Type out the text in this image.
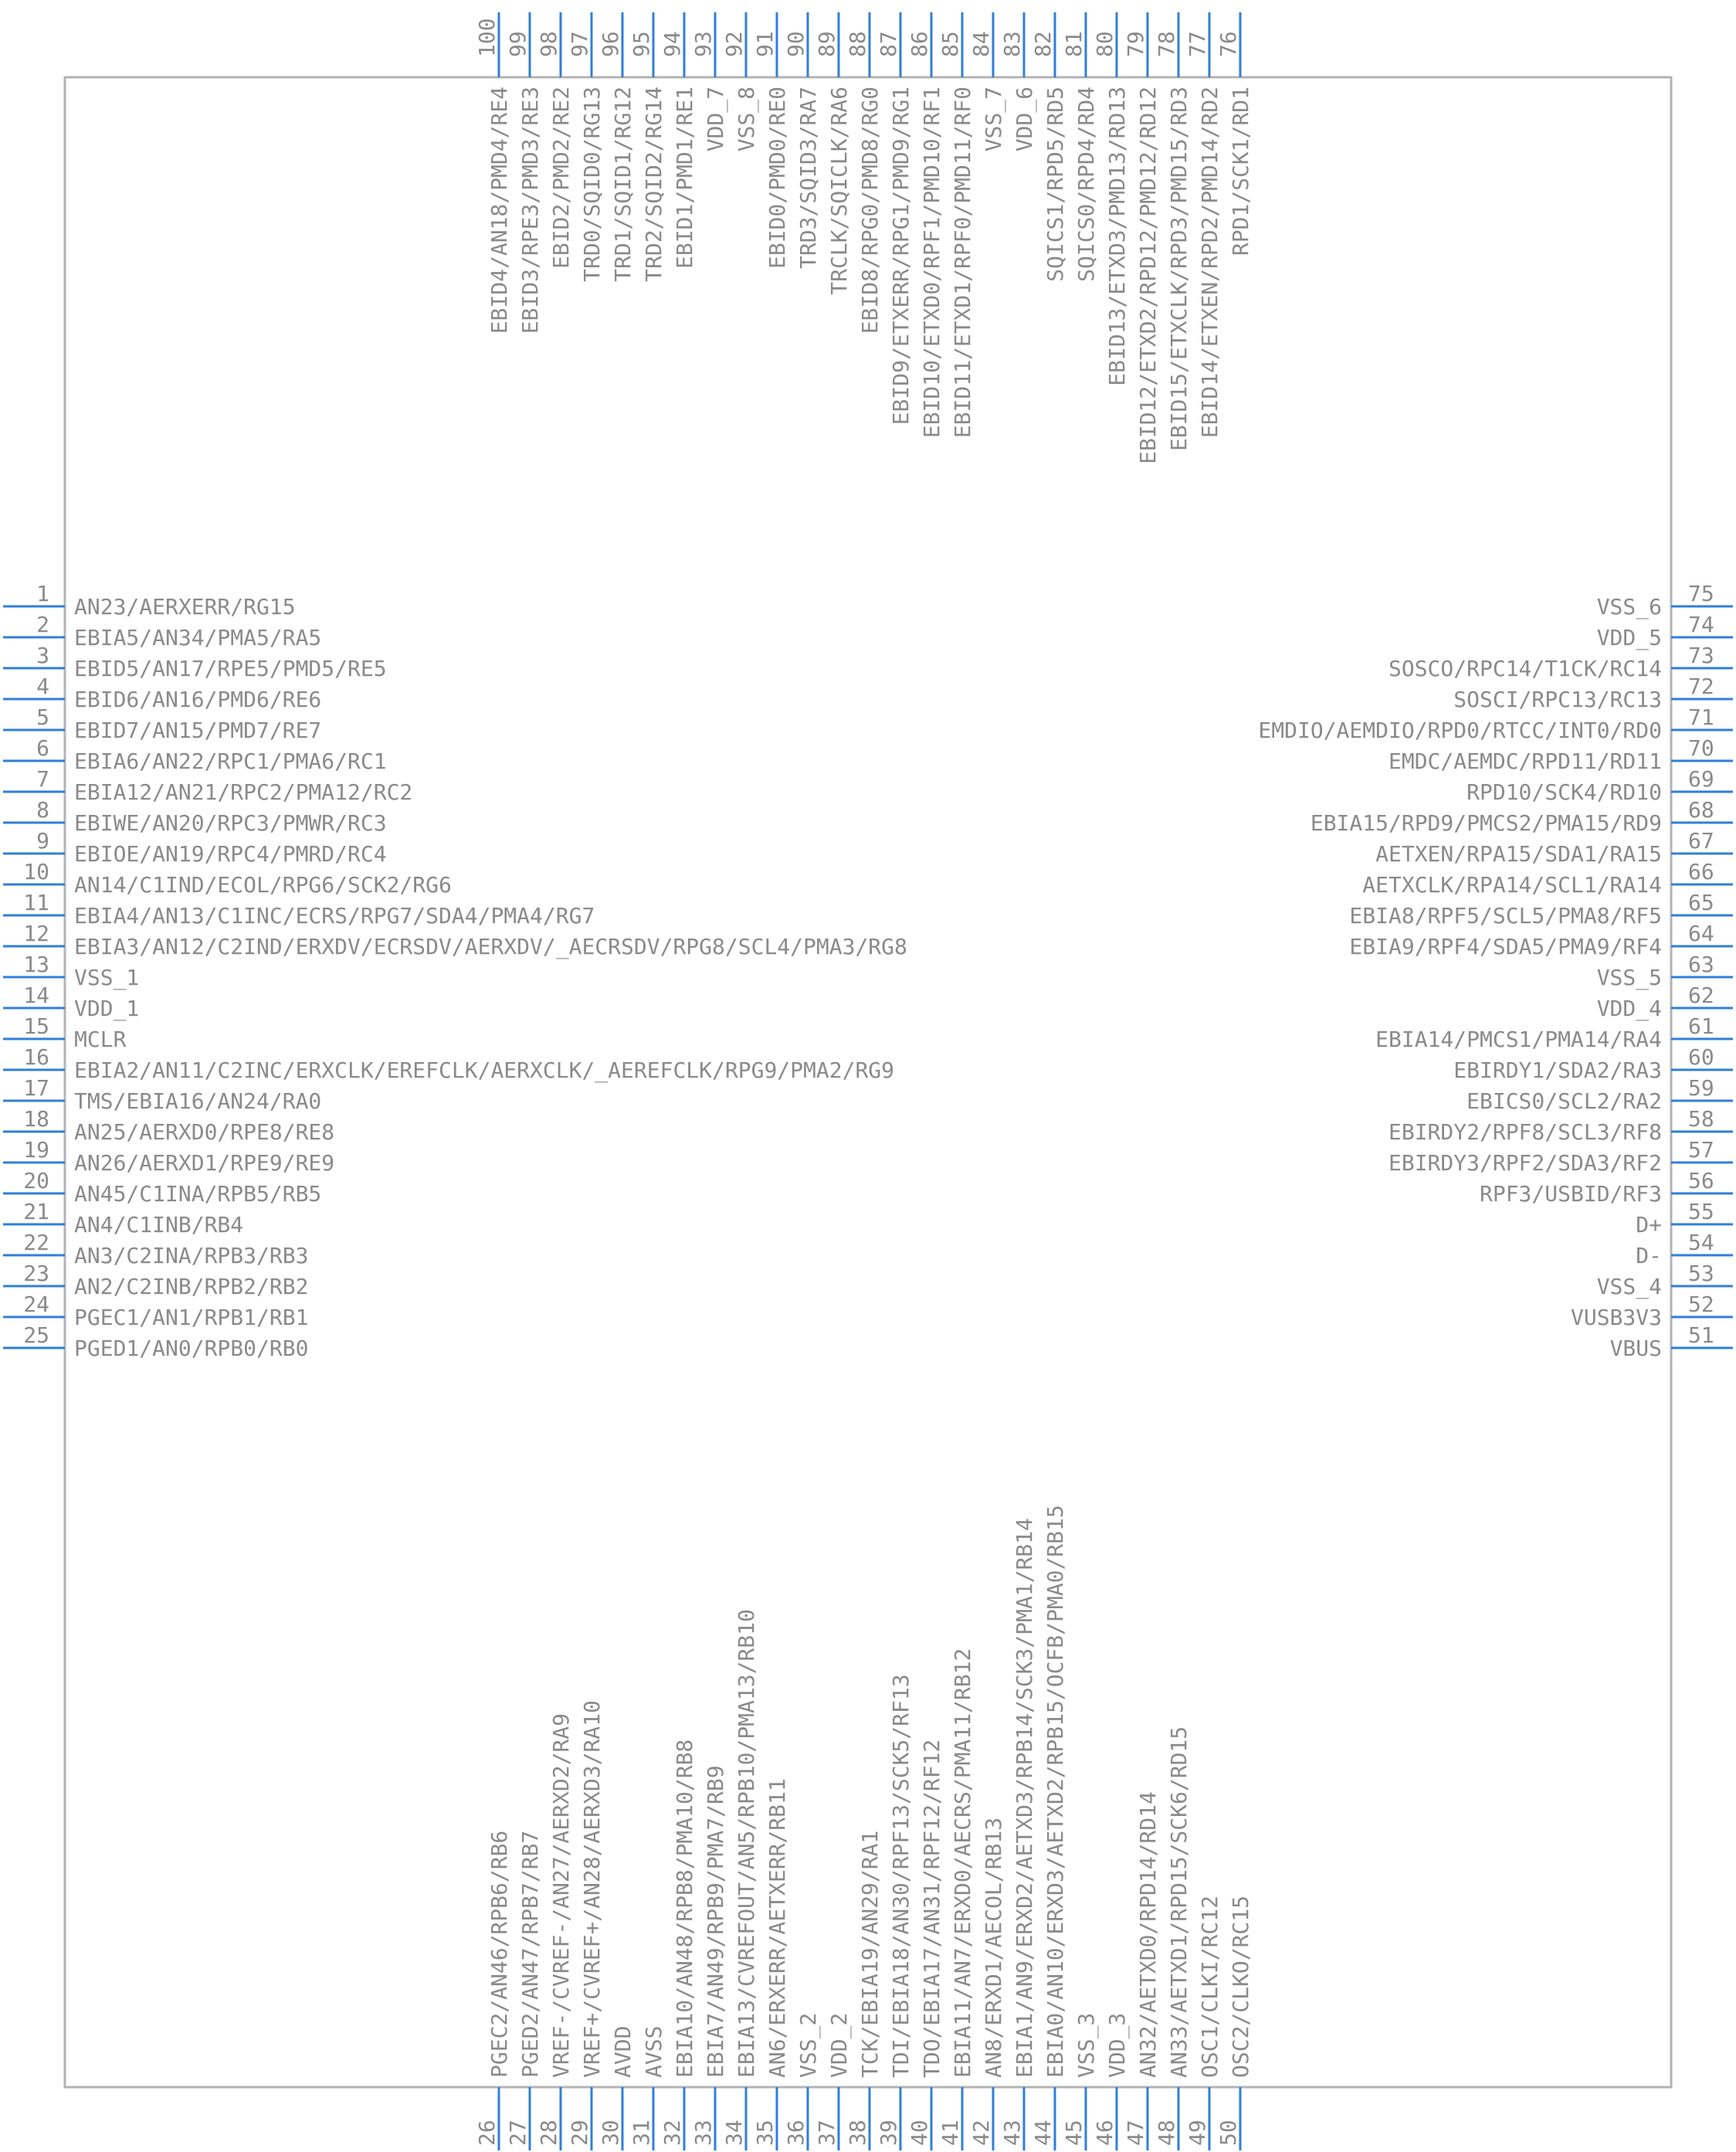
1
AN23/AERXERR/RG15
2
EBIA5/AN34/PMA5/RA5
3
EBID5/AN17/RPE5/PMD5/RE5
4
EBID6/AN16/PMD6/RE6
5
EBID7/AN15/PMD7/RE7
6
EBIA6/AN22/RPC1/PMA6/RC1
7
EBIA12/AN21/RPC2/PMA12/RC2
8
EBIWE/AN20/RPC3/PMWR/RC3
9
EBIOE/AN19/RPC4/PMRD/RC4
10
AN14/C1IND/ECOL/RPG6/SCK2/RG6
11
EBIA4/AN13/C1INC/ECRS/RPG7/SDA4/PMA4/RG7
12
EBIA3/AN12/C2IND/ERXDV/ECRSDV/AERXDV/_AECRSDV/RPG8/SCL4/PMA3/RG8
13
VSS_1
14
VDD_1
15
MCLR
16
EBIA2/AN11/C2INC/ERXCLK/EREFCLK/AERXCLK/_AEREFCLK/RPG9/PMA2/RG9
17
TMS/EBIA16/AN24/RA0
18
AN25/AERXD0/RPE8/RE8
19
AN26/AERXD1/RPE9/RE9
20
AN45/C1INA/RPB5/RB5
21
AN4/C1INB/RB4
22
AN3/C2INA/RPB3/RB3
23
AN2/C2INB/RPB2/RB2
24
PGEC1/AN1/RPB1/RB1
25
PGED1/AN0/RPB0/RB0
75
VSS_6
74
VDD_5
73
SOSCO/RPC14/T1CK/RC14
72
SOSCI/RPC13/RC13
71
EMDIO/AEMDIO/RPD0/RTCC/INT0/RD0
70
EMDC/AEMDC/RPD11/RD11
69
RPD10/SCK4/RD10
68
EBIA15/RPD9/PMCS2/PMA15/RD9
67
AETXEN/RPA15/SDA1/RA15
66
AETXCLK/RPA14/SCL1/RA14
65
EBIA8/RPF5/SCL5/PMA8/RF5
64
EBIA9/RPF4/SDA5/PMA9/RF4
63
VSS_5
62
VDD_4
61
EBIA14/PMCS1/PMA14/RA4
60
EBIRDY1/SDA2/RA3
59
EBICS0/SCL2/RA2
58
EBIRDY2/RPF8/SCL3/RF8
57
EBIRDY3/RPF2/SDA3/RF2
56
RPF3/USBID/RF3
55
D+
54
D-
53
VSS_4
52
VUSB3V3
51
VBUS
100
EBID4/AN18/PMD4/RE4
99
EBID3/RPE3/PMD3/RE3
98
EBID2/PMD2/RE2
97
TRD0/SQID0/RG13
96
TRD1/SQID1/RG12
95
TRD2/SQID2/RG14
94
EBID1/PMD1/RE1
93
VDD_7
92
VSS_8
91
EBID0/PMD0/RE0
90
TRD3/SQID3/RA7
89
TRCLK/SQICLK/RA6
88
EBID8/RPG0/PMD8/RG0
87
EBID9/ETXERR/RPG1/PMD9/RG1
86
EBID10/ETXD0/RPF1/PMD10/RF1
85
EBID11/ETXD1/RPF0/PMD11/RF0
84
VSS_7
83
VDD_6
82
SQICS1/RPD5/RD5
81
SQICS0/RPD4/RD4
80
EBID13/ETXD3/PMD13/RD13
79
EBID12/ETXD2/RPD12/PMD12/RD12
78
EBID15/ETXCLK/RPD3/PMD15/RD3
77
EBID14/ETXEN/RPD2/PMD14/RD2
76
RPD1/SCK1/RD1
26
PGEC2/AN46/RPB6/RB6
27
PGED2/AN47/RPB7/RB7
28
VREF-/CVREF-/AN27/AERXD2/RA9
29
VREF+/CVREF+/AN28/AERXD3/RA10
30
AVDD
31
AVSS
32
EBIA10/AN48/RPB8/PMA10/RB8
33
EBIA7/AN49/RPB9/PMA7/RB9
34
EBIA13/CVREFOUT/AN5/RPB10/PMA13/RB10
35
AN6/ERXERR/AETXERR/RB11
36
VSS_2
37
VDD_2
38
TCK/EBIA19/AN29/RA1
39
TDI/EBIA18/AN30/RPF13/SCK5/RF13
40
TDO/EBIA17/AN31/RPF12/RF12
41
EBIA11/AN7/ERXD0/AECRS/PMA11/RB12
42
AN8/ERXD1/AECOL/RB13
43
EBIA1/AN9/ERXD2/AETXD3/RPB14/SCK3/PMA1/RB14
44
EBIA0/AN10/ERXD3/AETXD2/RPB15/OCFB/PMA0/RB15
45
VSS_3
46
VDD_3
47
AN32/AETXD0/RPD14/RD14
48
AN33/AETXD1/RPD15/SCK6/RD15
49
OSC1/CLKI/RC12
50
OSC2/CLKO/RC15
